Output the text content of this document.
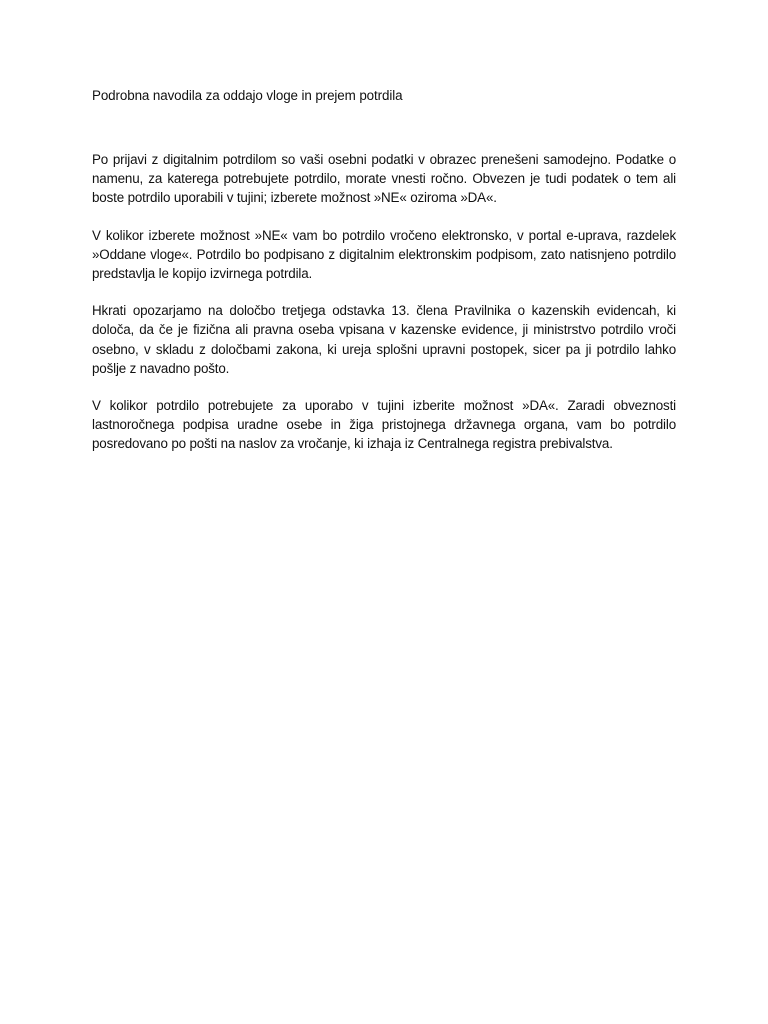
Podrobna navodila za oddajo vloge in prejem potrdila

Po prijavi z digitalnim potrdilom so vaši osebni podatki v obrazec prenešeni samodejno. Podatke o namenu, za katerega potrebujete potrdilo, morate vnesti ročno. Obvezen je tudi podatek o tem ali boste potrdilo uporabili v tujini; izberete možnost »NE« oziroma »DA«.

V kolikor izberete možnost »NE« vam bo potrdilo vročeno elektronsko, v portal e-uprava, razdelek »Oddane vloge«. Potrdilo bo podpisano z digitalnim elektronskim podpisom, zato natisnjeno potrdilo predstavlja le kopijo izvirnega potrdila.

Hkrati opozarjamo na določbo tretjega odstavka 13. člena Pravilnika o kazenskih evidencah, ki določa, da če je fizična ali pravna oseba vpisana v kazenske evidence, ji ministrstvo potrdilo vroči osebno, v skladu z določbami zakona, ki ureja splošni upravni postopek, sicer pa ji potrdilo lahko pošlje z navadno pošto.

V kolikor potrdilo potrebujete za uporabo v tujini izberite možnost »DA«. Zaradi obveznosti lastnoročnega podpisa uradne osebe in žiga pristojnega državnega organa, vam bo potrdilo posredovano po pošti na naslov za vročanje, ki izhaja iz Centralnega registra prebivalstva.
